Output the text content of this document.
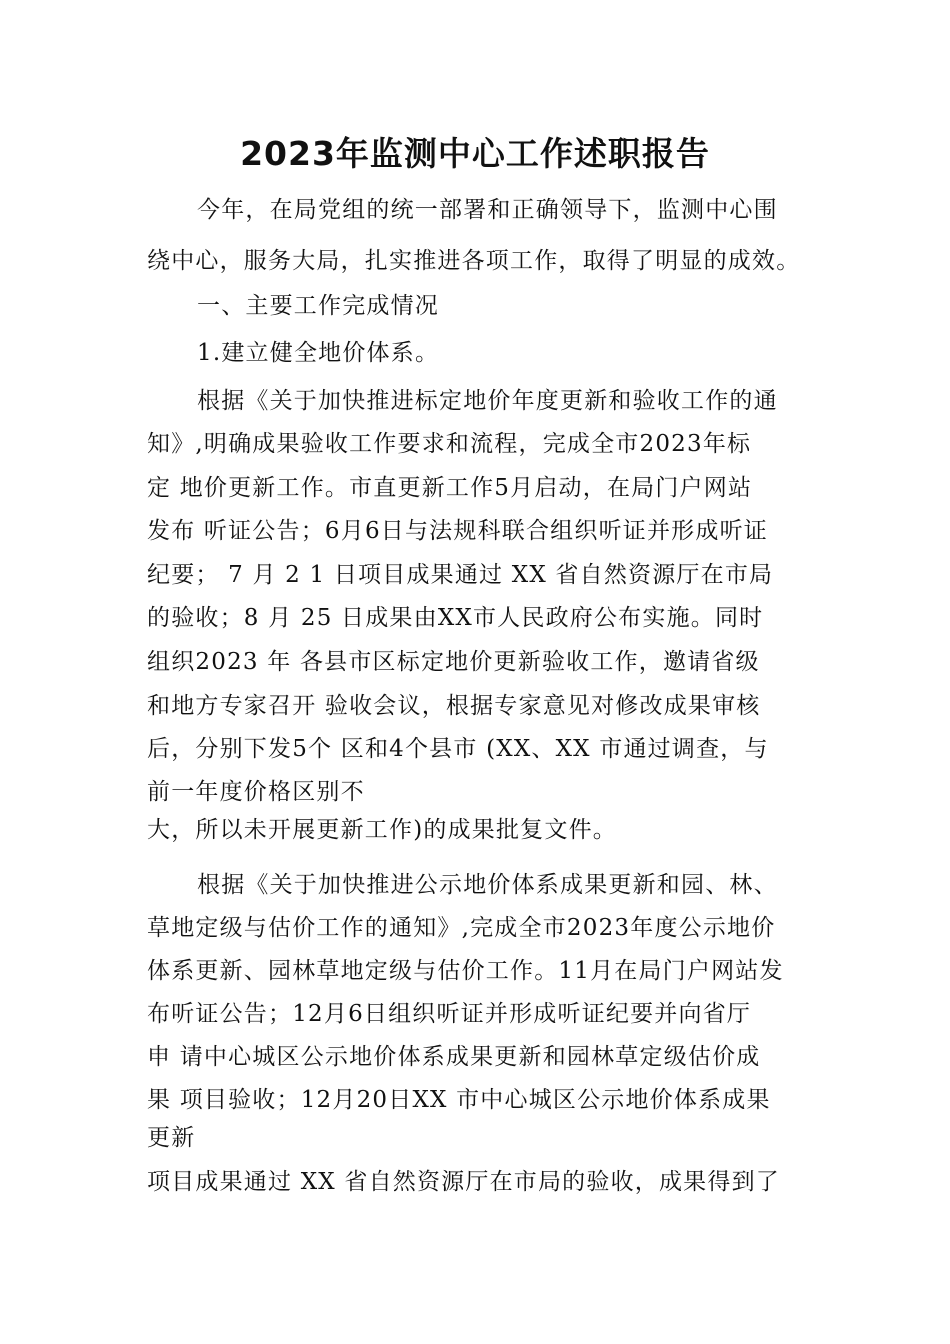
2023年监测中心工作述职报告
今年，在局党组的统一部署和正确领导下，监测中心围
绕中心，服务大局，扎实推进各项工作，取得了明显的成效。
一、主要工作完成情况
1.建立健全地价体系。
根据《关于加快推进标定地价年度更新和验收工作的通
知》,明确成果验收工作要求和流程，完成全市2023年标
定 地价更新工作。市直更新工作5月启动，在局门户网站
发布 听证公告；6月6日与法规科联合组织听证并形成听证
纪要； 7 月 2 1 日项目成果通过 XX 省自然资源厅在市局
的验收；8 月 25 日成果由XX市人民政府公布实施。同时
组织2023 年 各县市区标定地价更新验收工作，邀请省级
和地方专家召开 验收会议，根据专家意见对修改成果审核
后，分别下发5个 区和4个县市 (XX、XX 市通过调查，与
前一年度价格区别不
大，所以未开展更新工作)的成果批复文件。
根据《关于加快推进公示地价体系成果更新和园、林、
草地定级与估价工作的通知》,完成全市2023年度公示地价
体系更新、园林草地定级与估价工作。11月在局门户网站发
布听证公告；12月6日组织听证并形成听证纪要并向省厅
申 请中心城区公示地价体系成果更新和园林草定级估价成
果 项目验收；12月20日XX 市中心城区公示地价体系成果
更新
项目成果通过 XX 省自然资源厅在市局的验收，成果得到了
